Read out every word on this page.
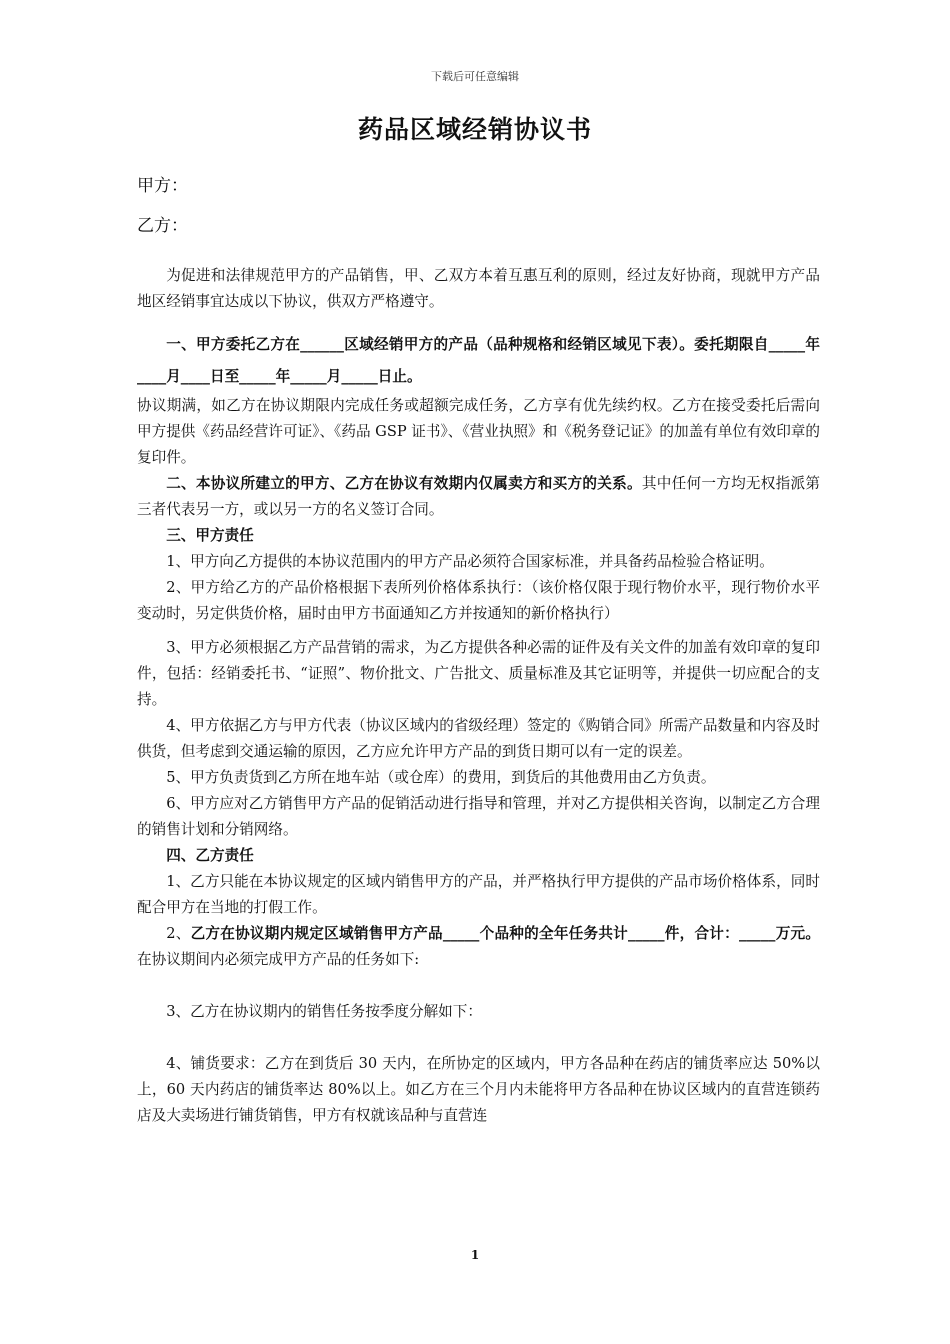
下载后可任意编辑
药品区域经销协议书
甲方：
乙方：

为促进和法律规范甲方的产品销售，甲、乙双方本着互惠互利的原则，经过友好协商，现就甲方产品地区经销事宜达成以下协议，供双方严格遵守。

一、甲方委托乙方在______区域经销甲方的产品（品种规格和经销区域见下表）。委托期限自_____年____月____日至_____年_____月_____日止。

协议期满，如乙方在协议期限内完成任务或超额完成任务，乙方享有优先续约权。乙方在接受委托后需向甲方提供《药品经营许可证》、《药品 GSP 证书》、《营业执照》和《税务登记证》的加盖有单位有效印章的复印件。

二、本协议所建立的甲方、乙方在协议有效期内仅属卖方和买方的关系。其中任何一方均无权指派第三者代表另一方，或以另一方的名义签订合同。

三、甲方责任

1、甲方向乙方提供的本协议范围内的甲方产品必须符合国家标准，并具备药品检验合格证明。

2、甲方给乙方的产品价格根据下表所列价格体系执行：（该价格仅限于现行物价水平，现行物价水平变动时，另定供货价格，届时由甲方书面通知乙方并按通知的新价格执行）

3、甲方必须根据乙方产品营销的需求，为乙方提供各种必需的证件及有关文件的加盖有效印章的复印件，包括：经销委托书、“证照”、物价批文、广告批文、质量标准及其它证明等，并提供一切应配合的支持。

4、甲方依据乙方与甲方代表（协议区域内的省级经理）签定的《购销合同》所需产品数量和内容及时供货，但考虑到交通运输的原因，乙方应允许甲方产品的到货日期可以有一定的误差。

5、甲方负责货到乙方所在地车站（或仓库）的费用，到货后的其他费用由乙方负责。

6、甲方应对乙方销售甲方产品的促销活动进行指导和管理，并对乙方提供相关咨询，以制定乙方合理的销售计划和分销网络。

四、乙方责任

1、乙方只能在本协议规定的区域内销售甲方的产品，并严格执行甲方提供的产品市场价格体系，同时配合甲方在当地的打假工作。

2、乙方在协议期内规定区域销售甲方产品_____个品种的全年任务共计_____件，合计：_____万元。在协议期间内必须完成甲方产品的任务如下:

3、乙方在协议期内的销售任务按季度分解如下：

4、铺货要求：乙方在到货后 30 天内，在所协定的区域内，甲方各品种在药店的铺货率应达 50%以上，60 天内药店的铺货率达 80%以上。如乙方在三个月内未能将甲方各品种在协议区域内的直营连锁药店及大卖场进行铺货销售，甲方有权就该品种与直营连

1
